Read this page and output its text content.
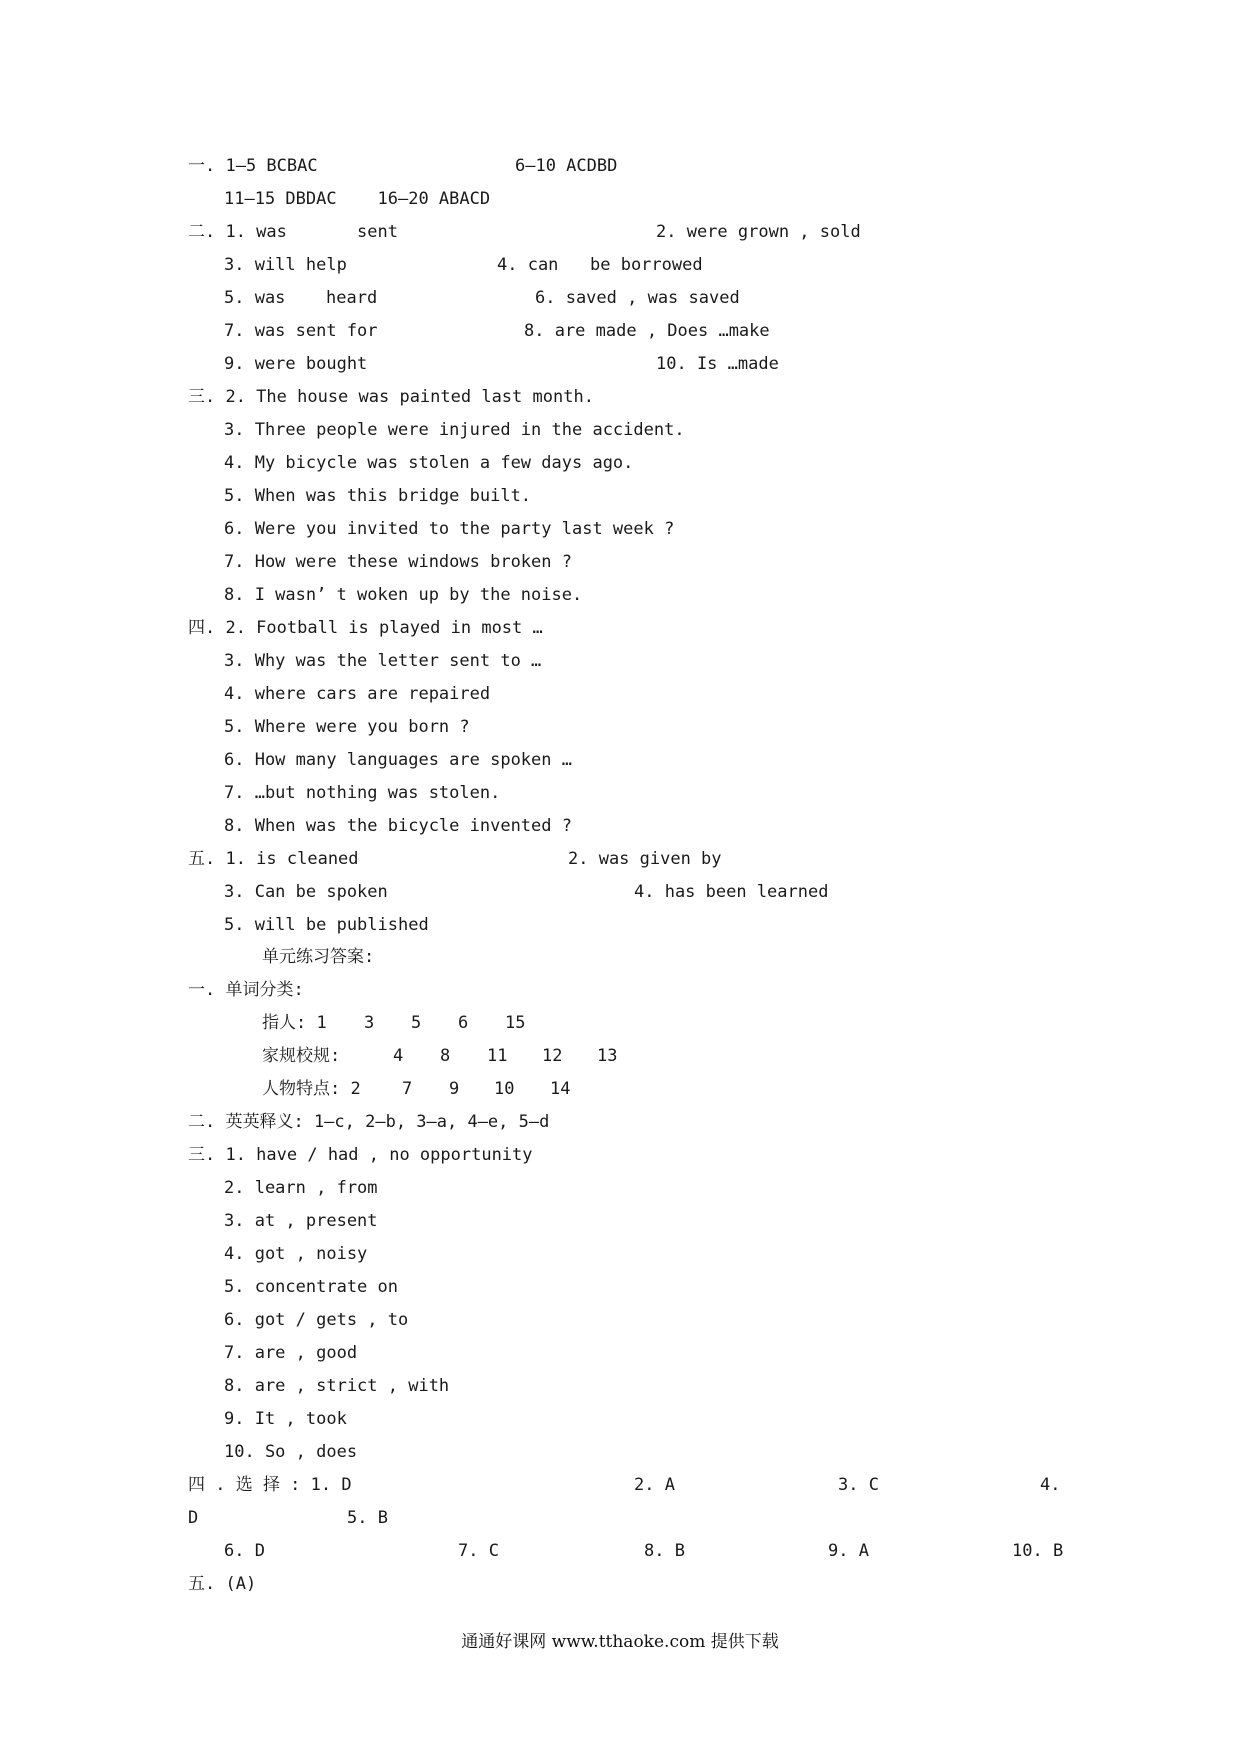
一. 1—5 BCBAC	6—10 ACDBD
11—15 DBDAC    16—20 ABACD
二. 1. was	sent	2. were grown , sold
3. will help	4. can be borrowed
5. was heard	6. saved , was saved
7. was sent for	8. are made , Does …make
9. were bought	10. Is …made
三. 2. The house was painted last month.
3. Three people were injured in the accident.
4. My bicycle was stolen a few days ago.
5. When was this bridge built.
6. Were you invited to the party last week ?
7. How were these windows broken ?
8. I wasn’ t woken up by the noise.
四. 2. Football is played in most …
3. Why was the letter sent to …
4. where cars are repaired
5. Where were you born ?
6. How many languages are spoken …
7. …but nothing was stolen.
8. When was the bicycle invented ?
五. 1. is cleaned	2. was given by
3. Can be spoken	4. has been learned
5. will be published
单元练习答案:
一. 单词分类:
指人: 1 3 5 6 15
家规校规:	4 8 11 12 13
人物特点: 2 7 9 10 14
二. 英英释义: 1—c, 2—b, 3—a, 4—e, 5—d
三. 1. have / had , no opportunity
2. learn , from
3. at , present
4. got , noisy
5. concentrate on
6. got / gets , to
7. are , good
8. are , strict , with
9. It , took
10. So , does
四 . 选 择 : 1. D	2. A	3. C	4.
D	5. B
6. D	7. C	8. B	9. A	10. B
五. (A)
通通好课网 www.tthaoke.com 提供下载
